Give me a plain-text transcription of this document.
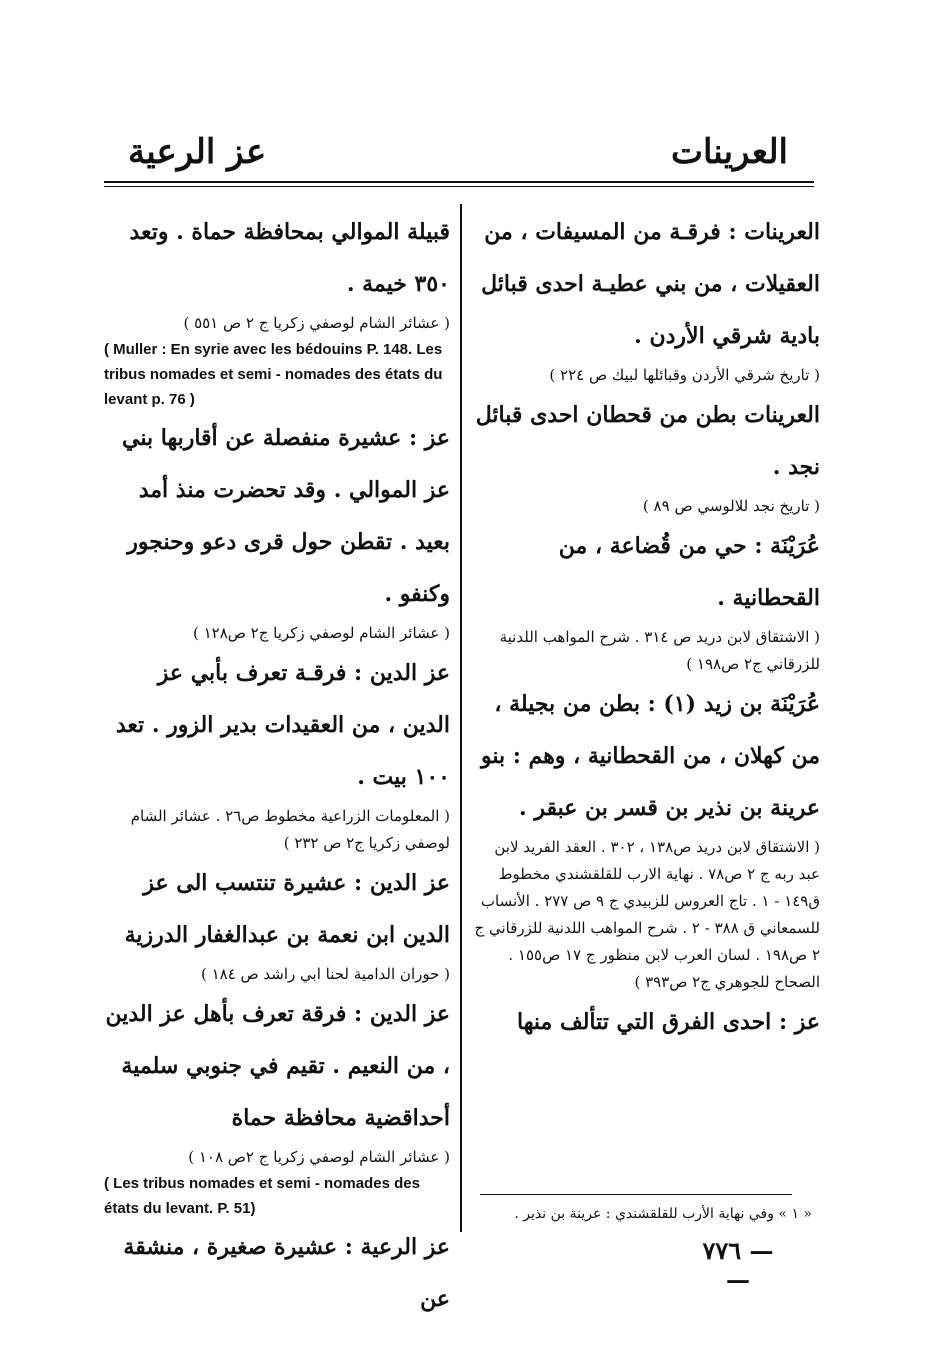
العرينات
عز الرعية

العرينات : فرقـة من المسيفات ، من العقيلات ، من بني عطيـة احدى قبائل بادية شرقي الأردن .

( تاريخ شرقي الأردن وقبائلها لبيك ص ٢٢٤ )

العرينات بطن من قحطان احدى قبائل نجد .

( تاريخ نجد للالوسي ص ٨٩ )

عُرَيْنَة : حي من قُضاعة ، من القحطانية .

( الاشتقاق لابن دريد ص ٣١٤ . شرح المواهب اللدنية للزرقاني ج٢ ص١٩٨ )

عُرَيْنَة بن زيد (١) : بطن من بجيلة ، من كهلان ، من القحطانية ، وهم : بنو عرينة بن نذير بن قسر بن عبقر .

( الاشتقاق لابن دريد ص١٣٨ ، ٣٠٢ . العقد الفريد لابن عبد ربه ج ٢ ص٧٨ . نهاية الارب للقلقشندي مخطوط ق١٤٩ - ١ . تاج العروس للزبيدي ج ٩ ص ٢٧٧ . الأنساب للسمعاني ق ٣٨٨ - ٢ . شرح المواهب اللدنية للزرقاني ج ٢ ص١٩٨ . لسان العرب لابن منظور ج ١٧ ص١٥٥ . الصحاح للجوهري ج٢ ص٣٩٣ )

عز : احدى الفرق التي تتألف منها

قبيلة الموالي بمحافظة حماة . وتعد ٣٥٠ خيمة .

( عشائر الشام لوصفي زكريا ج ٢ ص ٥٥١ )

( Muller : En syrie avec les bédouins P. 148. Les tribus nomades et semi - nomades des états du levant p. 76 )

عز : عشيرة منفصلة عن أقاربها بني عز الموالي . وقد تحضرت منذ أمد بعيد . تقطن حول قرى دعو وحنجور وكنفو .

( عشائر الشام لوصفي زكريا ج٢ ص١٢٨ )

عز الدين : فرقـة تعرف بأبي عز الدين ، من العقيدات بدير الزور . تعد ١٠٠ بيت .

( المعلومات الزراعية مخطوط ص٢٦ . عشائر الشام لوصفي زكريا ج٢ ص ٢٣٢ )

عز الدين : عشيرة تنتسب الى عز الدين ابن نعمة بن عبدالغفار الدرزية

( حوران الدامية لحنا ابي راشد ص ١٨٤ )

عز الدين : فرقة تعرف بأهل عز الدين ، من النعيم . تقيم في جنوبي سلمية أحداقضية محافظة حماة

( عشائر الشام لوصفي زكريا ج ٢ص ١٠٨ )

( Les tribus nomades et semi - nomades des états du levant. P. 51)

عز الرعية : عشيرة صغيرة ، منشقة عن

« ١ » وفي نهاية الأرب للقلقشندي : عرينة بن نذير .
— ٧٧٦ —
